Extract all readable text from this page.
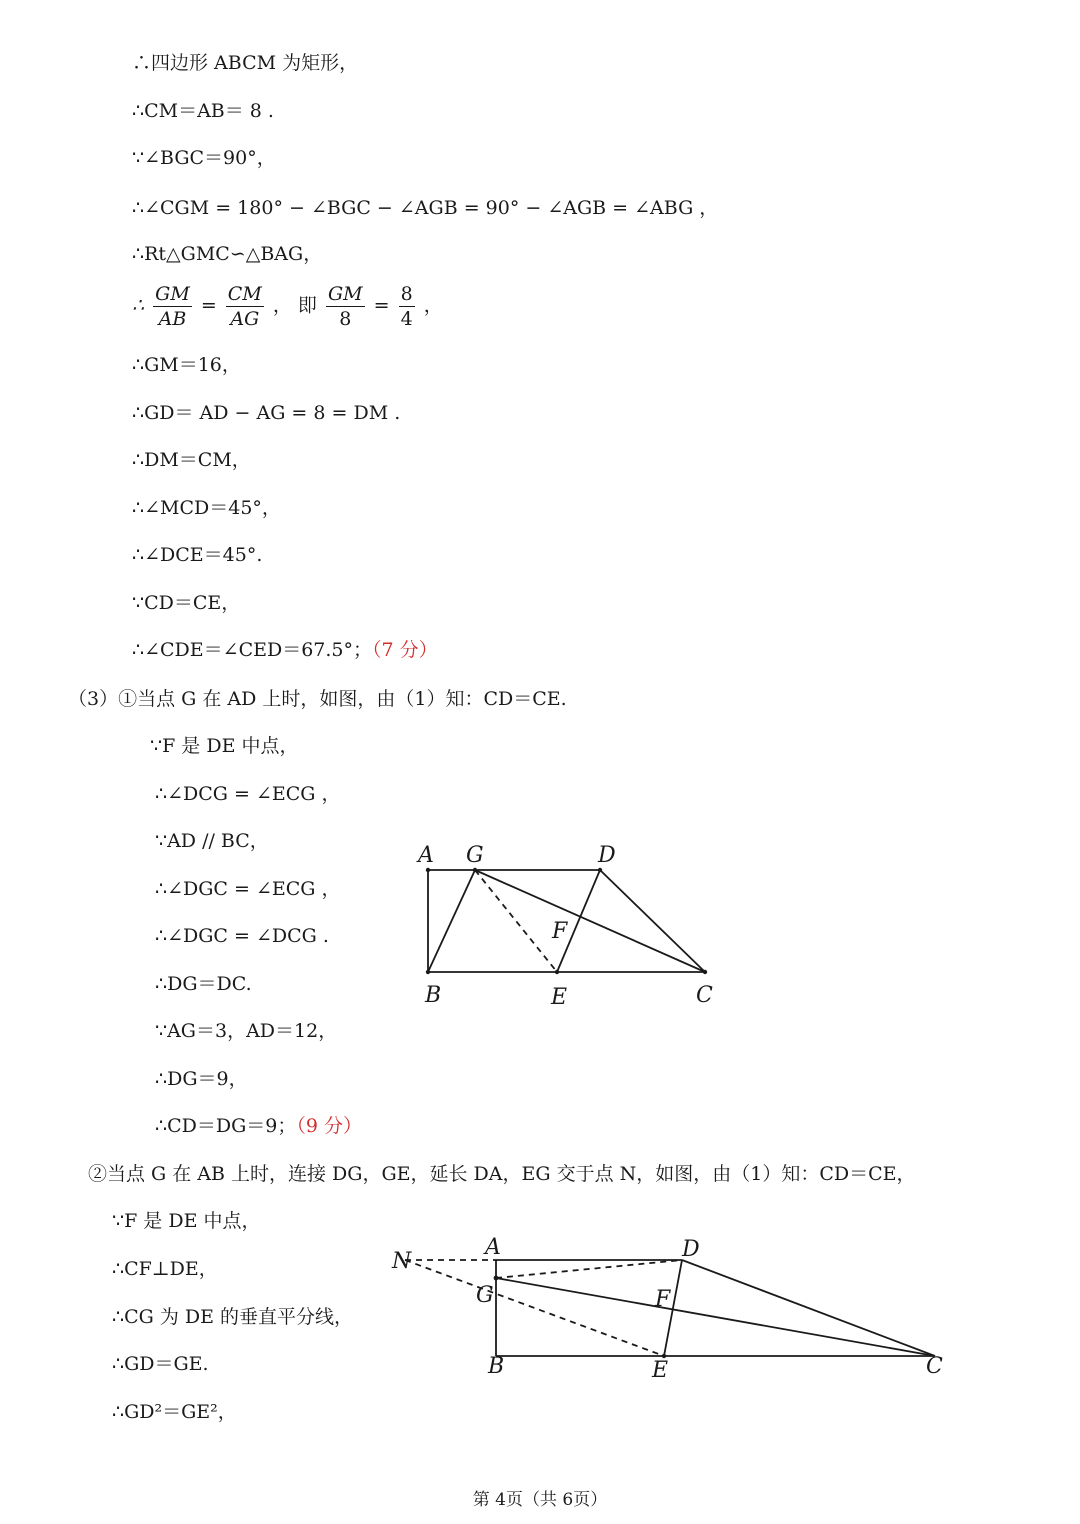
∴四边形 ABCM 为矩形，
∴CM＝AB＝ 8 .
∵∠BGC＝90°，
∴∠CGM = 180° − ∠BGC − ∠AGB = 90° − ∠AGB = ∠ABG ，
∴Rt△GMC∽△BAG，
∴ $\frac{GM}{AB} = \frac{CM}{AG}$ ， 即 $\frac{GM}{8} = \frac{8}{4}$ ，
∴GM＝16，
∴GD＝ AD − AG = 8 = DM .
∴DM＝CM，
∴∠MCD＝45°，
∴∠DCE＝45°.
∵CD＝CE，
∴∠CDE＝∠CED＝67.5°；（7 分）
（3）①当点 G 在 AD 上时，如图，由（1）知：CD＝CE.
∵F 是 DE 中点，
∴∠DCG = ∠ECG ，
∵AD // BC，
∴∠DGC = ∠ECG ，
∴∠DGC = ∠DCG .
∴DG＝DC.
∵AG＝3，AD＝12，
∴DG＝9，
∴CD＝DG＝9；（9 分）
②当点 G 在 AB 上时，连接 DG，GE，延长 DA，EG 交于点 N，如图，由（1）知：CD＝CE，
∵F 是 DE 中点，
∴CF⊥DE，
∴CG 为 DE 的垂直平分线，
∴GD＝GE.
∴GD²＝GE²，
A G	D
F
B	E	C
N
A	D
G	F
B	E	C
第 4页（共 6页）
